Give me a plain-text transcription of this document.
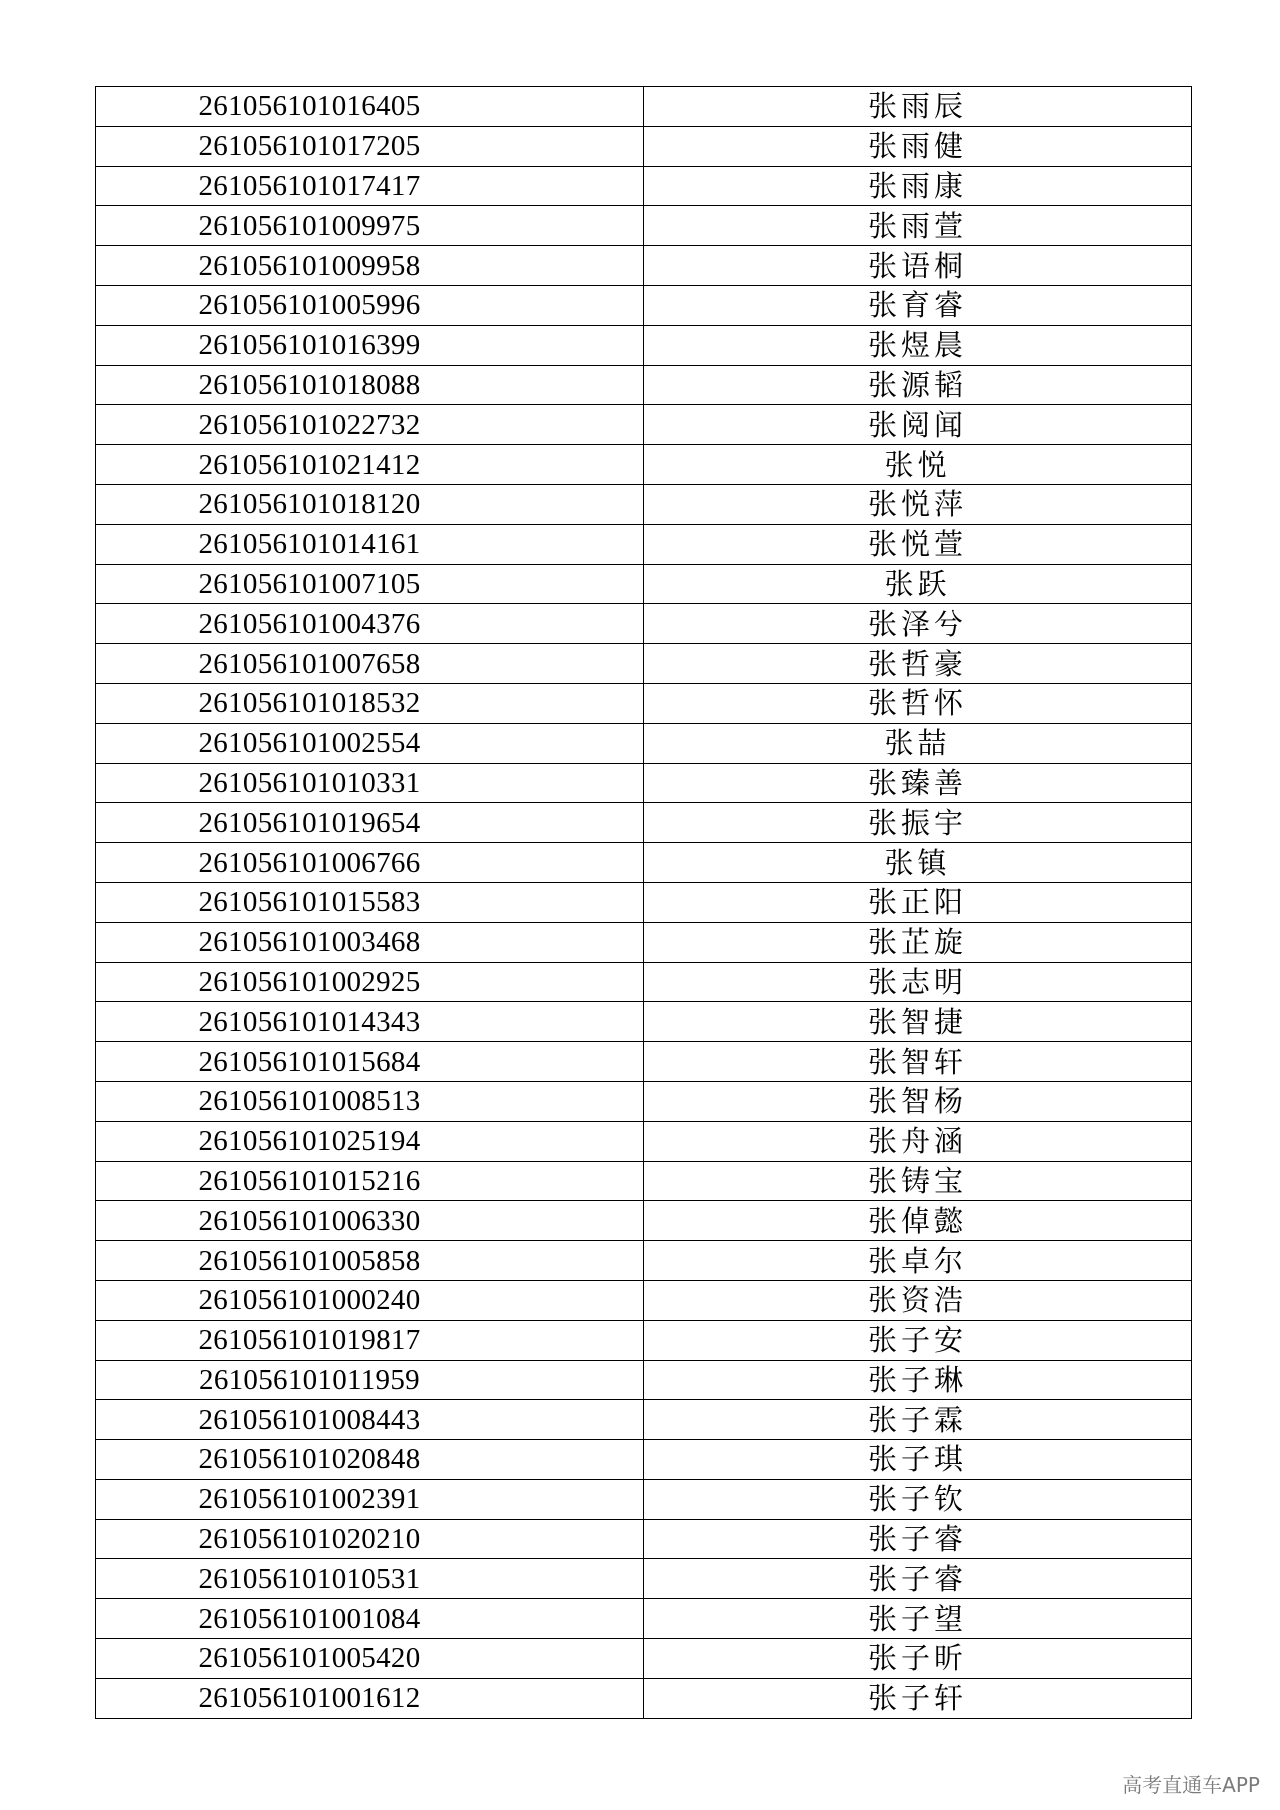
261056101016405	张雨辰
261056101017205	张雨健
261056101017417	张雨康
261056101009975	张雨萱
261056101009958	张语桐
261056101005996	张育睿
261056101016399	张煜晨
261056101018088	张源韬
261056101022732	张阅闻
261056101021412	张悦
261056101018120	张悦萍
261056101014161	张悦萱
261056101007105	张跃
261056101004376	张泽兮
261056101007658	张哲豪
261056101018532	张哲怀
261056101002554	张喆
261056101010331	张臻善
261056101019654	张振宇
261056101006766	张镇
261056101015583	张正阳
261056101003468	张芷旋
261056101002925	张志明
261056101014343	张智捷
261056101015684	张智轩
261056101008513	张智杨
261056101025194	张舟涵
261056101015216	张铸宝
261056101006330	张倬懿
261056101005858	张卓尔
261056101000240	张资浩
261056101019817	张子安
261056101011959	张子琳
261056101008443	张子霖
261056101020848	张子琪
261056101002391	张子钦
261056101020210	张子睿
261056101010531	张子睿
261056101001084	张子望
261056101005420	张子昕
261056101001612	张子轩
高考直通车APP
